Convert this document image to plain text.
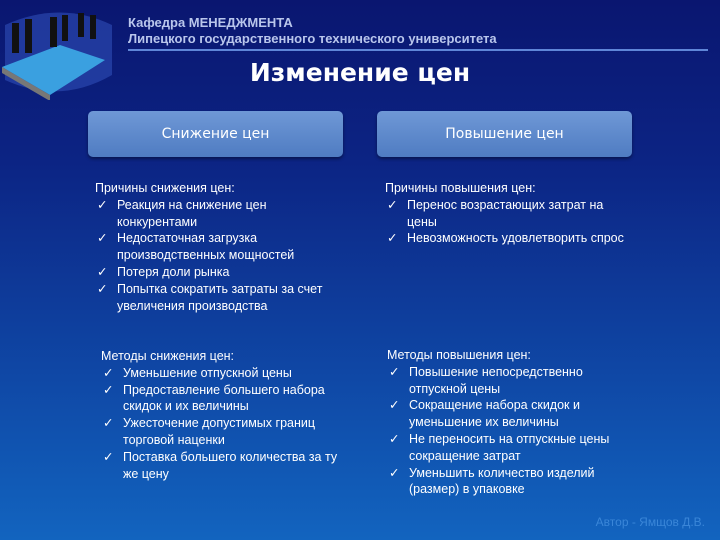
Кафедра МЕНЕДЖМЕНТА
Липецкого государственного технического университета
Изменение цен
Снижение цен	Повышение цен
Причины снижения цен:
✓ Реакция на снижение цен конкурентами
✓ Недостаточная загрузка производственных мощностей
✓ Потеря доли рынка
✓ Попытка сократить затраты за счет увеличения производства
Причины повышения цен:
✓ Перенос возрастающих затрат на цены
✓ Невозможность удовлетворить спрос
Методы снижения цен:
✓ Уменьшение отпускной цены
✓ Предоставление большего набора скидок и их величины
✓ Ужесточение допустимых границ торговой наценки
✓ Поставка большего количества за ту же цену
Методы повышения цен:
✓ Повышение непосредственно отпускной цены
✓ Сокращение набора скидок и уменьшение их величины
✓ Не переносить на отпускные цены сокращение затрат
✓ Уменьшить количество изделий (размер) в упаковке
Автор - Ямщов Д.В.
